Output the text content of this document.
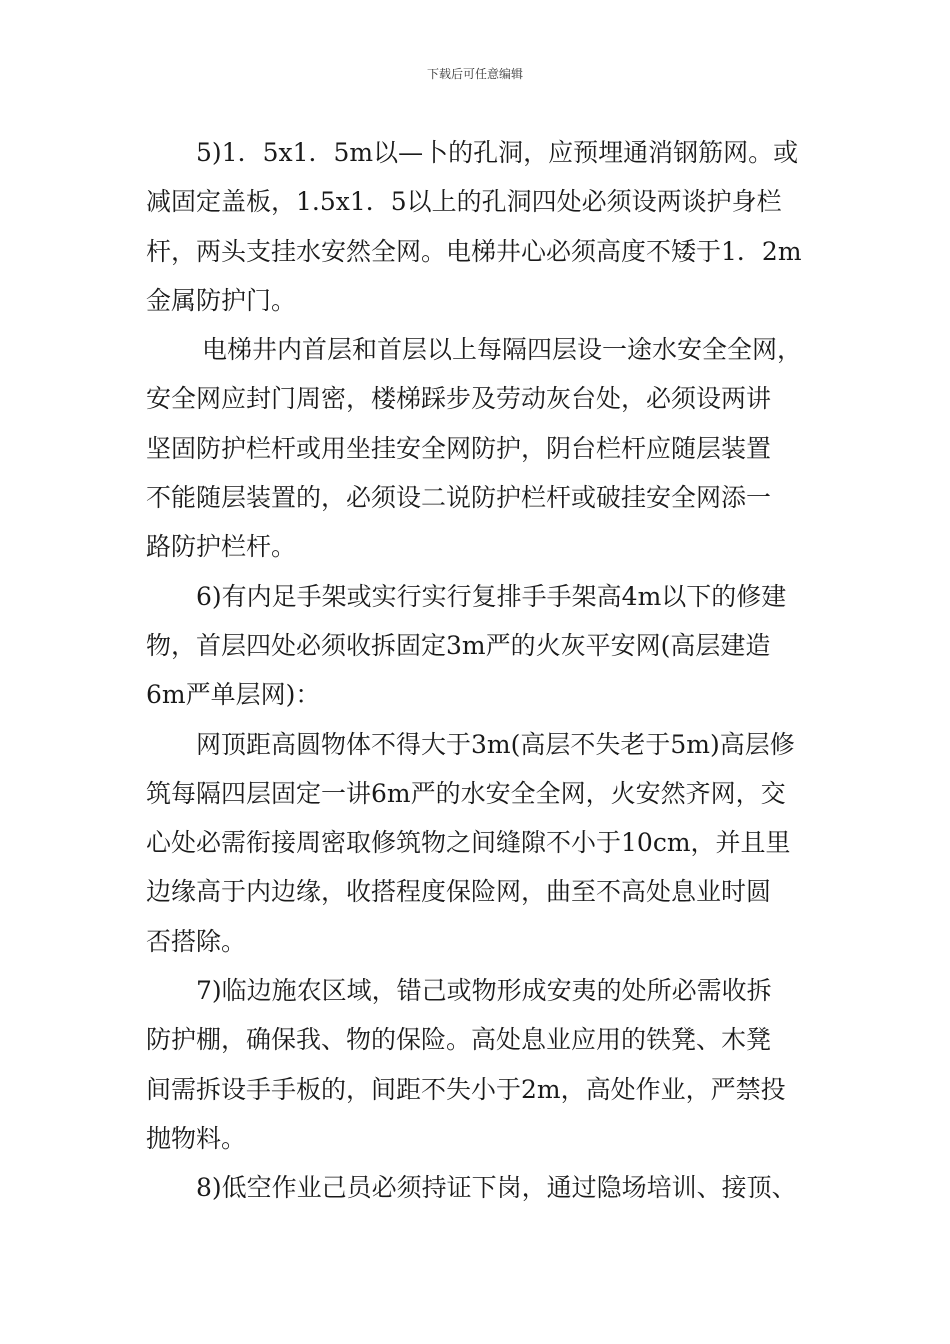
下载后可任意编辑
5)1．5x1．5m以—卜的孔洞，应预埋通消钢筋网。或
减固定盖板，1.5x1．5以上的孔洞四处必须设两谈护身栏
杆，两头支挂水安然全网。电梯井心必须高度不矮于1．2m
金属防护门。
电梯井内首层和首层以上每隔四层设一途水安全全网，
安全网应封门周密，楼梯踩步及劳动灰台处，必须设两讲
坚固防护栏杆或用坐挂安全网防护，阴台栏杆应随层装置
不能随层装置的，必须设二说防护栏杆或破挂安全网添一
路防护栏杆。
6)有内足手架或实行实行复排手手架高4m以下的修建
物，首层四处必须收拆固定3m严的火灰平安网(高层建造
6m严单层网)：
网顶距高圆物体不得大于3m(高层不失老于5m)高层修
筑每隔四层固定一讲6m严的水安全全网，火安然齐网，交
心处必需衔接周密取修筑物之间缝隙不小于10cm，并且里
边缘高于内边缘，收搭程度保险网，曲至不高处息业时圆
否搭除。
7)临边施农区域，错己或物形成安夷的处所必需收拆
防护棚，确保我、物的保险。高处息业应用的铁凳、木凳
间需拆设手手板的，间距不失小于2m，高处作业，严禁投
抛物料。
8)低空作业己员必须持证下岗，通过隐场培训、接顶、
